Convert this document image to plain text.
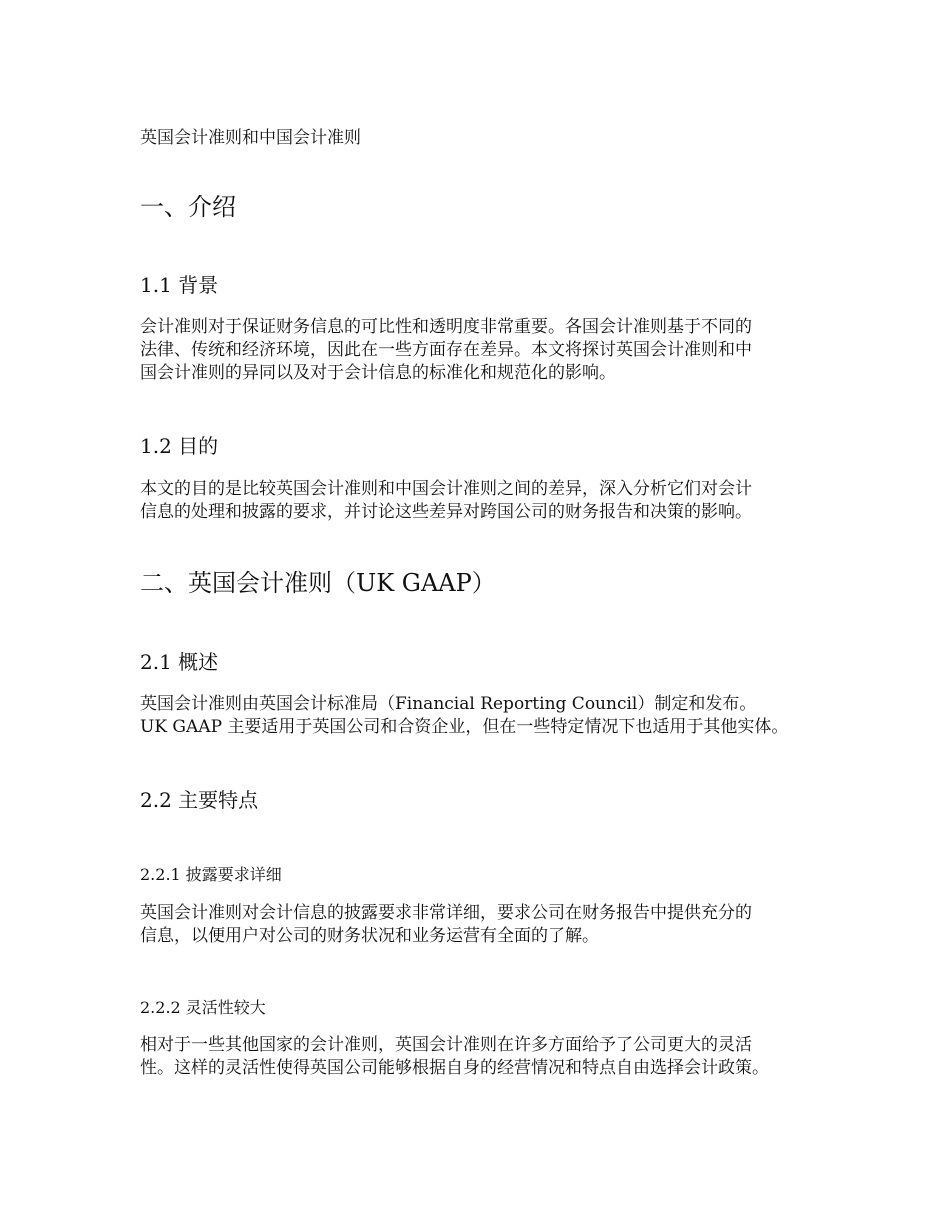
英国会计准则和中国会计准则
一、介绍
1.1 背景
会计准则对于保证财务信息的可比性和透明度非常重要。各国会计准则基于不同的
法律、传统和经济环境，因此在一些方面存在差异。本文将探讨英国会计准则和中
国会计准则的异同以及对于会计信息的标准化和规范化的影响。
1.2 目的
本文的目的是比较英国会计准则和中国会计准则之间的差异，深入分析它们对会计
信息的处理和披露的要求，并讨论这些差异对跨国公司的财务报告和决策的影响。
二、英国会计准则（UK GAAP）
2.1 概述
英国会计准则由英国会计标准局（Financial Reporting Council）制定和发布。
UK GAAP 主要适用于英国公司和合资企业，但在一些特定情况下也适用于其他实体。
2.2 主要特点
2.2.1 披露要求详细
英国会计准则对会计信息的披露要求非常详细，要求公司在财务报告中提供充分的
信息，以便用户对公司的财务状况和业务运营有全面的了解。
2.2.2 灵活性较大
相对于一些其他国家的会计准则，英国会计准则在许多方面给予了公司更大的灵活
性。这样的灵活性使得英国公司能够根据自身的经营情况和特点自由选择会计政策。
